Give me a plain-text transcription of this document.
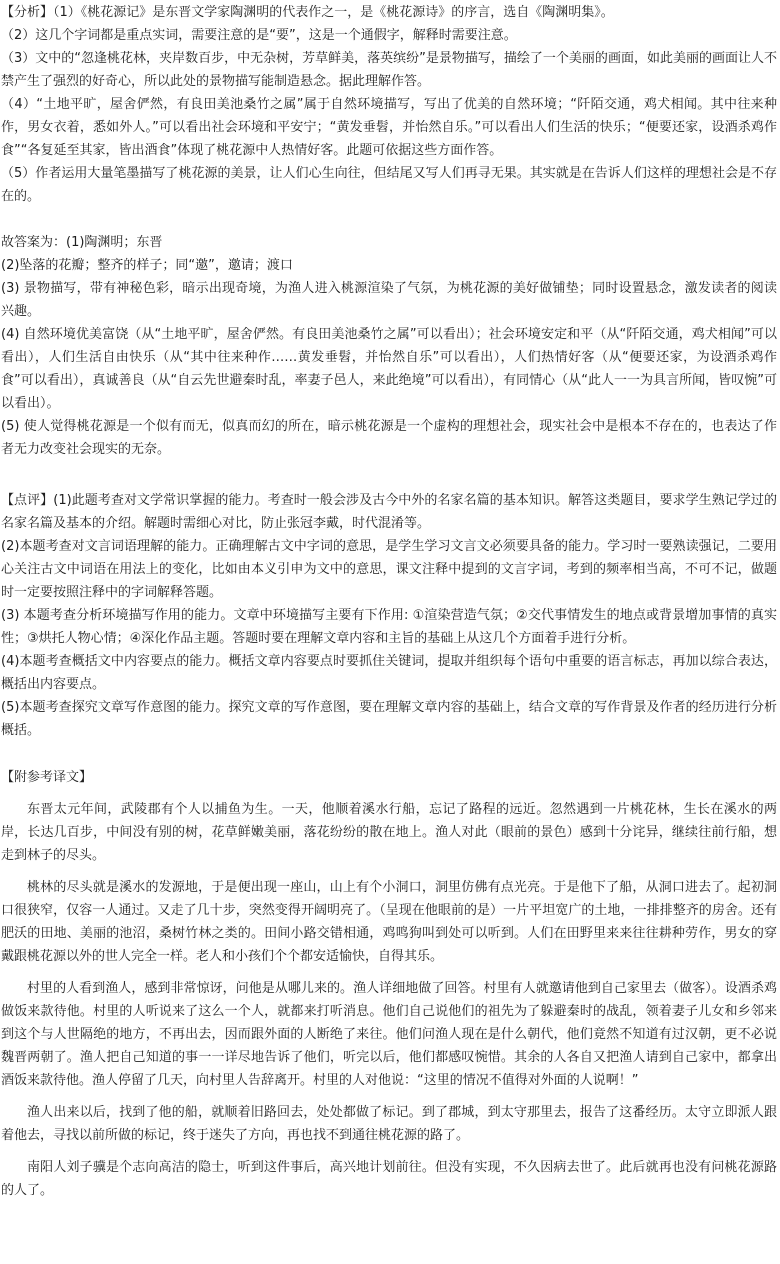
【分析】（1）《桃花源记》是东晋文学家陶渊明的代表作之一，是《桃花源诗》的序言，选自《陶渊明集》。

（2）这几个字词都是重点实词，需要注意的是“要”，这是一个通假字，解释时需要注意。

（3）文中的“忽逢桃花林，夹岸数百步，中无杂树，芳草鲜美，落英缤纷”是景物描写，描绘了一个美丽的画面，如此美丽的画面让人不禁产生了强烈的好奇心，所以此处的景物描写能制造悬念。据此理解作答。

（4）“土地平旷，屋舍俨然，有良田美池桑竹之属”属于自然环境描写，写出了优美的自然环境；“阡陌交通，鸡犬相闻。其中往来种作，男女衣着，悉如外人。”可以看出社会环境和平安宁；“黄发垂髫，并怡然自乐。”可以看出人们生活的快乐；“便要还家，设酒杀鸡作食”“各复延至其家，皆出酒食”体现了桃花源中人热情好客。此题可依据这些方面作答。

（5）作者运用大量笔墨描写了桃花源的美景，让人们心生向往，但结尾又写人们再寻无果。其实就是在告诉人们这样的理想社会是不存在的。

故答案为：(1)陶渊明；东晋

(2)坠落的花瓣；整齐的样子；同“邀”，邀请；渡口

(3) 景物描写，带有神秘色彩，暗示出现奇境，为渔人进入桃源渲染了气氛，为桃花源的美好做铺垫；同时设置悬念，激发读者的阅读兴趣。

(4) 自然环境优美富饶（从“土地平旷，屋舍俨然。有良田美池桑竹之属”可以看出）；社会环境安定和平（从“阡陌交通，鸡犬相闻”可以看出），人们生活自由快乐（从“其中往来种作……黄发垂髫，并怡然自乐”可以看出），人们热情好客（从“便要还家，为设酒杀鸡作食”可以看出），真诚善良（从“自云先世避秦时乱，率妻子邑人，来此绝境”可以看出），有同情心（从“此人一一为具言所闻，皆叹惋”可以看出）。

(5) 使人觉得桃花源是一个似有而无，似真而幻的所在，暗示桃花源是一个虚构的理想社会，现实社会中是根本不存在的，也表达了作者无力改变社会现实的无奈。

【点评】(1)此题考查对文学常识掌握的能力。考查时一般会涉及古今中外的名家名篇的基本知识。解答这类题目，要求学生熟记学过的名家名篇及基本的介绍。解题时需细心对比，防止张冠李戴，时代混淆等。

(2)本题考查对文言词语理解的能力。正确理解古文中字词的意思，是学生学习文言文必须要具备的能力。学习时一要熟读强记，二要用心关注古文中词语在用法上的变化，比如由本义引申为文中的意思，课文注释中提到的文言字词，考到的频率相当高，不可不记，做题时一定要按照注释中的字词解释答题。

(3) 本题考查分析环境描写作用的能力。文章中环境描写主要有下作用: ①渲染营造气氛；②交代事情发生的地点或背景增加事情的真实性；③烘托人物心情；④深化作品主题。答题时要在理解文章内容和主旨的基础上从这几个方面着手进行分析。

(4)本题考查概括文中内容要点的能力。概括文章内容要点时要抓住关键词，提取并组织每个语句中重要的语言标志，再加以综合表达，概括出内容要点。

(5)本题考查探究文章写作意图的能力。探究文章的写作意图，要在理解文章内容的基础上，结合文章的写作背景及作者的经历进行分析概括。

【附参考译文】

东晋太元年间，武陵郡有个人以捕鱼为生。一天，他顺着溪水行船，忘记了路程的远近。忽然遇到一片桃花林，生长在溪水的两岸，长达几百步，中间没有别的树，花草鲜嫩美丽，落花纷纷的散在地上。渔人对此（眼前的景色）感到十分诧异，继续往前行船，想走到林子的尽头。

桃林的尽头就是溪水的发源地，于是便出现一座山，山上有个小洞口，洞里仿佛有点光亮。于是他下了船，从洞口进去了。起初洞口很狭窄，仅容一人通过。又走了几十步，突然变得开阔明亮了。（呈现在他眼前的是）一片平坦宽广的土地，一排排整齐的房舍。还有肥沃的田地、美丽的池沼，桑树竹林之类的。田间小路交错相通，鸡鸣狗叫到处可以听到。人们在田野里来来往往耕种劳作，男女的穿戴跟桃花源以外的世人完全一样。老人和小孩们个个都安适愉快，自得其乐。

村里的人看到渔人，感到非常惊讶，问他是从哪儿来的。渔人详细地做了回答。村里有人就邀请他到自己家里去（做客）。设酒杀鸡做饭来款待他。村里的人听说来了这么一个人，就都来打听消息。他们自己说他们的祖先为了躲避秦时的战乱，领着妻子儿女和乡邻来到这个与人世隔绝的地方，不再出去，因而跟外面的人断绝了来往。他们问渔人现在是什么朝代，他们竟然不知道有过汉朝，更不必说魏晋两朝了。渔人把自己知道的事一一详尽地告诉了他们，听完以后，他们都感叹惋惜。其余的人各自又把渔人请到自己家中，都拿出酒饭来款待他。渔人停留了几天，向村里人告辞离开。村里的人对他说：“这里的情况不值得对外面的人说啊！”

渔人出来以后，找到了他的船，就顺着旧路回去，处处都做了标记。到了郡城，到太守那里去，报告了这番经历。太守立即派人跟着他去，寻找以前所做的标记，终于迷失了方向，再也找不到通往桃花源的路了。

南阳人刘子骥是个志向高洁的隐士，听到这件事后，高兴地计划前往。但没有实现，不久因病去世了。此后就再也没有问桃花源路的人了。
